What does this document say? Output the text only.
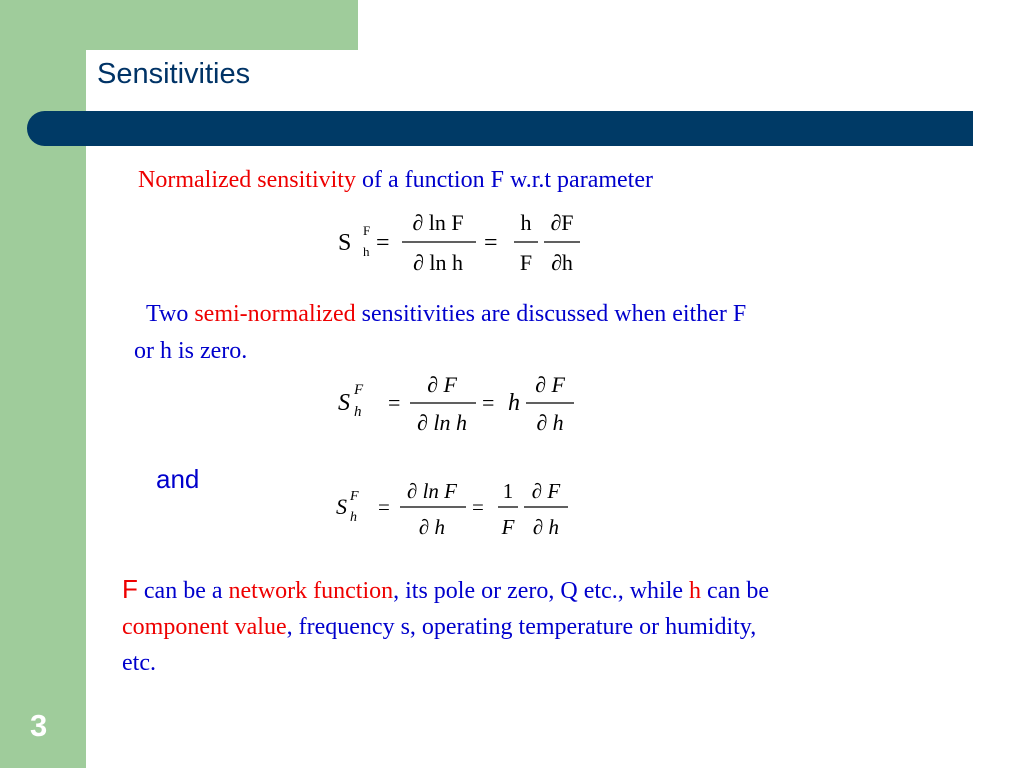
Sensitivities
Normalized sensitivity of a function F w.r.t parameter
S F
h =
∂ ln F
∂ ln h
=
h
F
∂F
∂h
Two semi-normalized sensitivities are discussed when either F
or h is zero.
S F
h =
∂ F
∂ ln h
= h
∂ F
∂ h
and
S F
h =
∂ ln F
∂ h
=
1
F
∂ F
∂ h
F can be a network function, its pole or zero, Q etc., while h can be
component value, frequency s, operating temperature or humidity,
etc.
3
